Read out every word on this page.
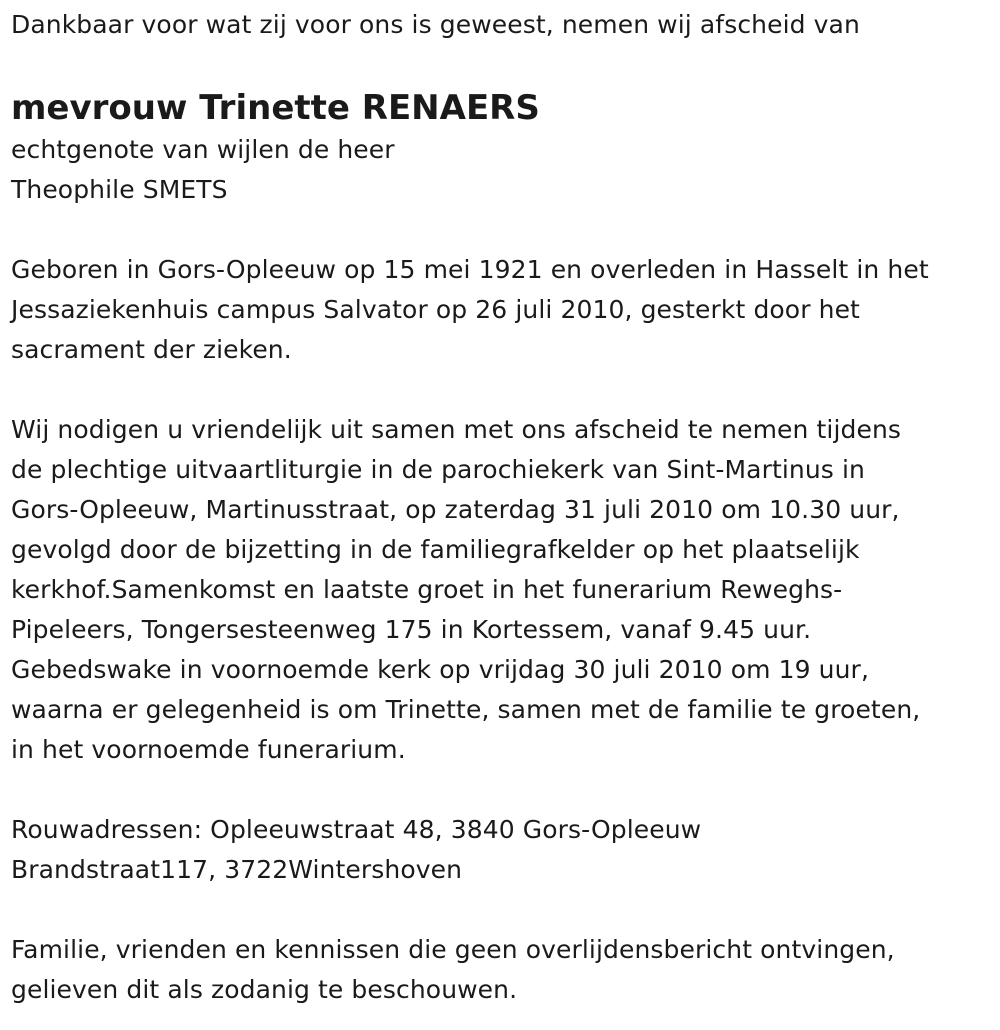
Dankbaar voor wat zij voor ons is geweest, nemen wij afscheid van
mevrouw Trinette RENAERS
echtgenote van wijlen de heer
Theophile SMETS
Geboren in Gors-Opleeuw op 15 mei 1921 en overleden in Hasselt in het
Jessaziekenhuis campus Salvator op 26 juli 2010, gesterkt door het
sacrament der zieken.
Wij nodigen u vriendelijk uit samen met ons afscheid te nemen tijdens
de plechtige uitvaartliturgie in de parochiekerk van Sint-Martinus in
Gors-Opleeuw, Martinusstraat, op zaterdag 31 juli 2010 om 10.30 uur,
gevolgd door de bijzetting in de familiegrafkelder op het plaatselijk
kerkhof.Samenkomst en laatste groet in het funerarium Reweghs-
Pipeleers, Tongersesteenweg 175 in Kortessem, vanaf 9.45 uur.
Gebedswake in voornoemde kerk op vrijdag 30 juli 2010 om 19 uur,
waarna er gelegenheid is om Trinette, samen met de familie te groeten,
in het voornoemde funerarium.
Rouwadressen: Opleeuwstraat 48, 3840 Gors-Opleeuw
Brandstraat117, 3722Wintershoven
Familie, vrienden en kennissen die geen overlijdensbericht ontvingen,
gelieven dit als zodanig te beschouwen.
